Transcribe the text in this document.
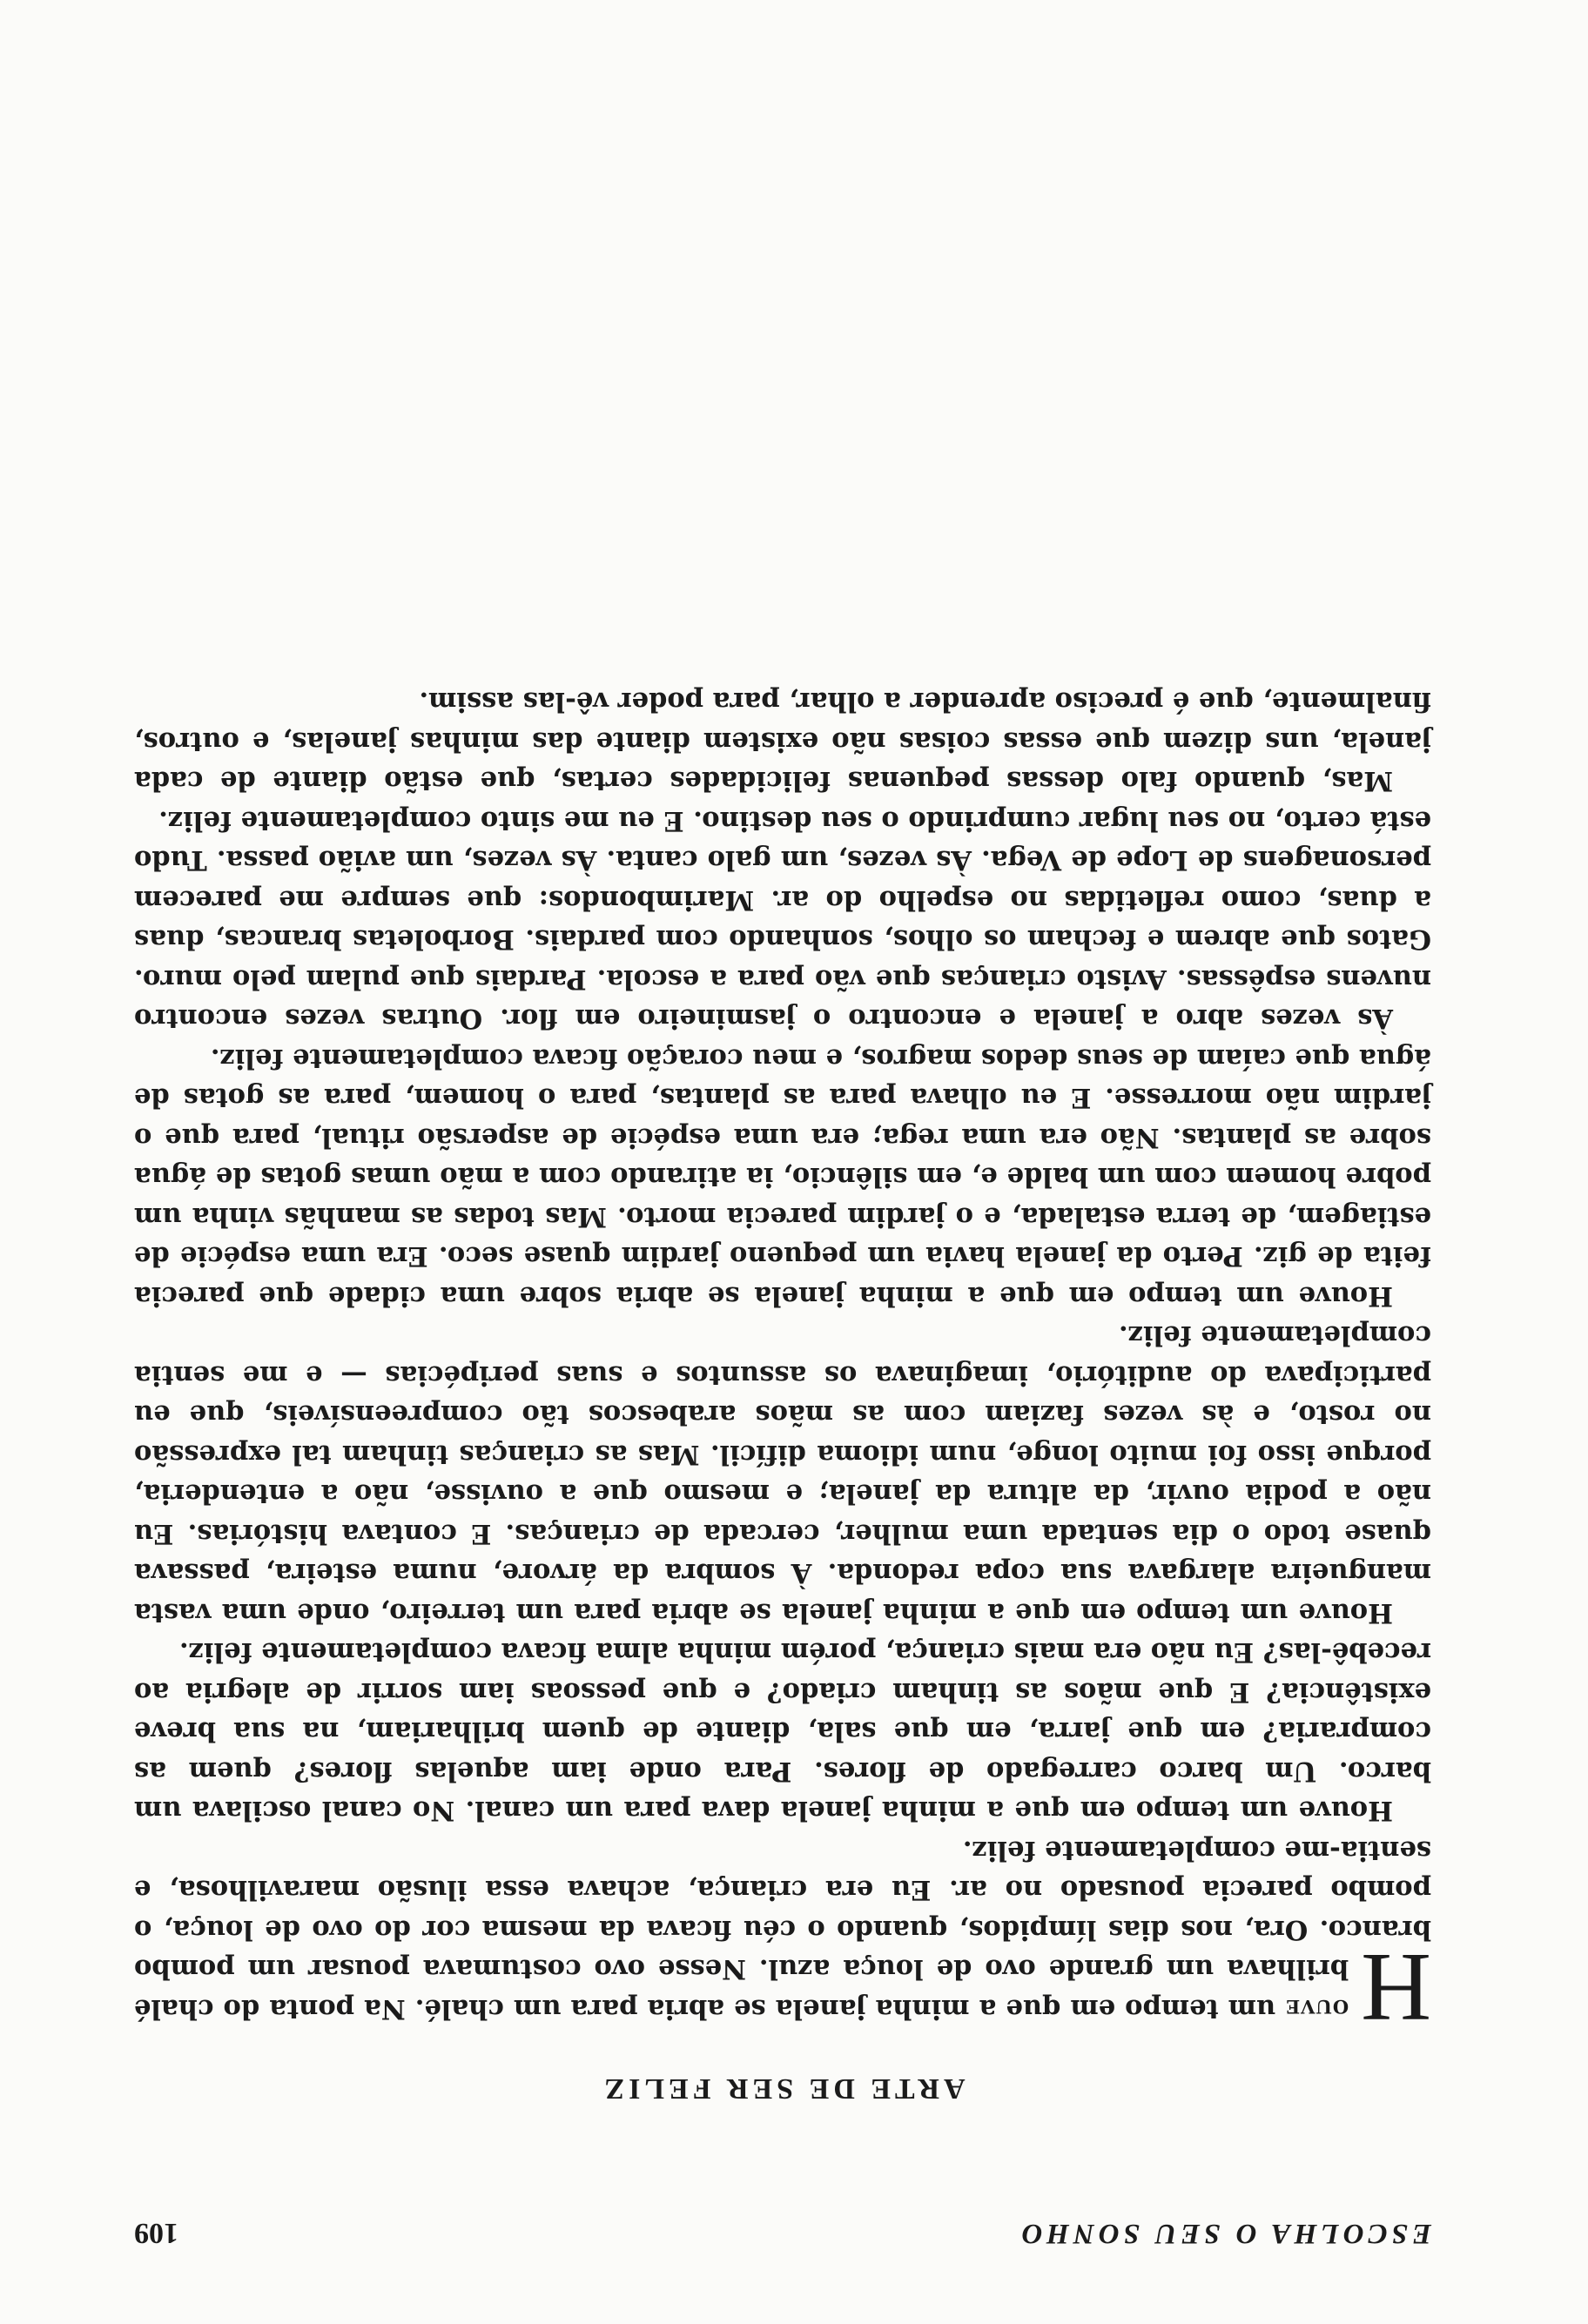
ESCOLHA O SEU SONHO
109
ARTE DE SER FELIZ

H
ouve um tempo em que a minha janela se abria para um chalé. Na ponta do chalé brilhava um grande ovo de louça azul. Nesse ovo costumava pousar um pombo branco. Ora, nos dias límpidos, quando o céu ficava da mesma cor do ovo de louça, o pombo parecia pousado no ar. Eu era criança, achava essa ilusão maravilhosa, e sentia-me completamente feliz.

Houve um tempo em que a minha janela dava para um canal. No canal oscilava um barco. Um barco carregado de flores. Para onde iam aquelas flores? quem as compraria? em que jarra, em que sala, diante de quem brilhariam, na sua breve existência? E que mãos as tinham criado? e que pessoas iam sorrir de alegria ao recebê-las? Eu não era mais criança, porém minha alma ficava completamente feliz.

Houve um tempo em que a minha janela se abria para um terreiro, onde uma vasta mangueira alargava sua copa redonda. À sombra da árvore, numa esteira, passava quase todo o dia sentada uma mulher, cercada de crianças. E contava histórias. Eu não a podia ouvir, da altura da janela; e mesmo que a ouvisse, não a entenderia, porque isso foi muito longe, num idioma difícil. Mas as crianças tinham tal expressão no rosto, e às vezes faziam com as mãos arabescos tão compreensíveis, que eu participava do auditório, imaginava os assuntos e suas peripécias — e me sentia completamente feliz.

Houve um tempo em que a minha janela se abria sobre uma cidade que parecia feita de giz. Perto da janela havia um pequeno jardim quase seco. Era uma espécie de estiagem, de terra estalada, e o jardim parecia morto. Mas todas as manhãs vinha um pobre homem com um balde e, em silêncio, ia atirando com a mão umas gotas de água sobre as plantas. Não era uma rega; era uma espécie de aspersão ritual, para que o jardim não morresse. E eu olhava para as plantas, para o homem, para as gotas de água que caíam de seus dedos magros, e meu coração ficava completamente feliz.

Às vezes abro a janela e encontro o jasmineiro em flor. Outras vezes encontro nuvens espêssas. Avisto crianças que vão para a escola. Pardais que pulam pelo muro. Gatos que abrem e fecham os olhos, sonhando com pardais. Borboletas brancas, duas a duas, como refletidas no espelho do ar. Marimbondos: que sempre me parecem personagens de Lope de Vega. Às vezes, um galo canta. Às vezes, um avião passa. Tudo está certo, no seu lugar cumprindo o seu destino. E eu me sinto completamente feliz.

Mas, quando falo dessas pequenas felicidades certas, que estão diante de cada janela, uns dizem que essas coisas não existem diante das minhas janelas, e outros, finalmente, que é preciso aprender a olhar, para poder vê-las assim.
